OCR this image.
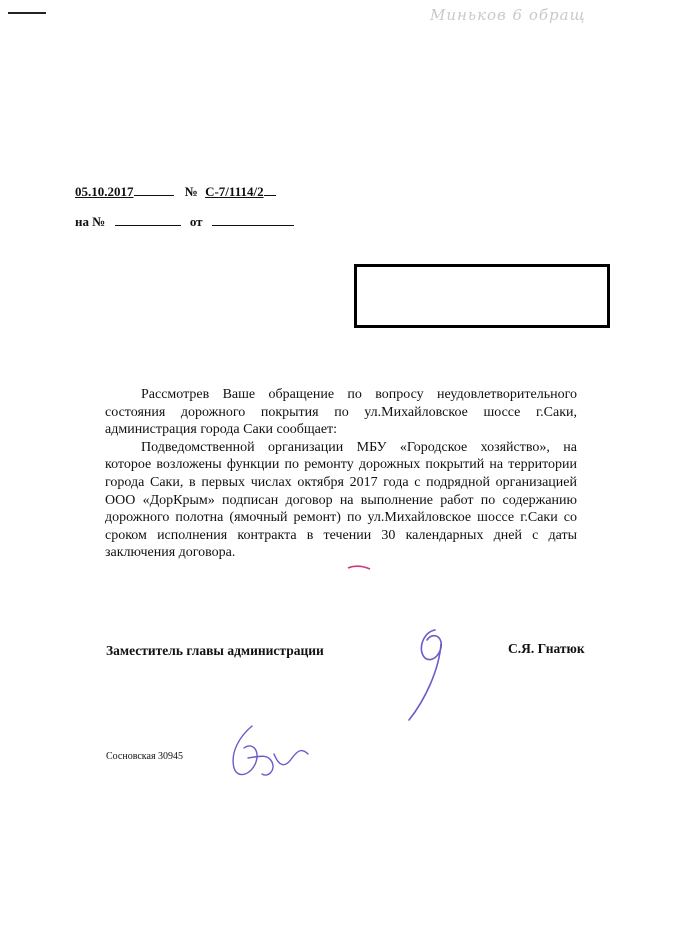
Миньков 6 обращ
05.10.2017	№ С-7/1114/2
на №	от

Рассмотрев Ваше обращение по вопросу неудовлетворительного состояния дорожного покрытия по ул.Михайловское шоссе г.Саки, администрация города Саки сообщает:

Подведомственной организации МБУ «Городское хозяйство», на которое возложены функции по ремонту дорожных покрытий на территории города Саки, в первых числах октября 2017 года с подрядной организацией ООО «ДорКрым» подписан договор на выполнение работ по содержанию дорожного полотна (ямочный ремонт) по ул.Михайловское шоссе г.Саки со сроком исполнения контракта в течении 30 календарных дней с даты заключения договора.

Заместитель главы администрации	С.Я. Гнатюк
Сосновская 30945
